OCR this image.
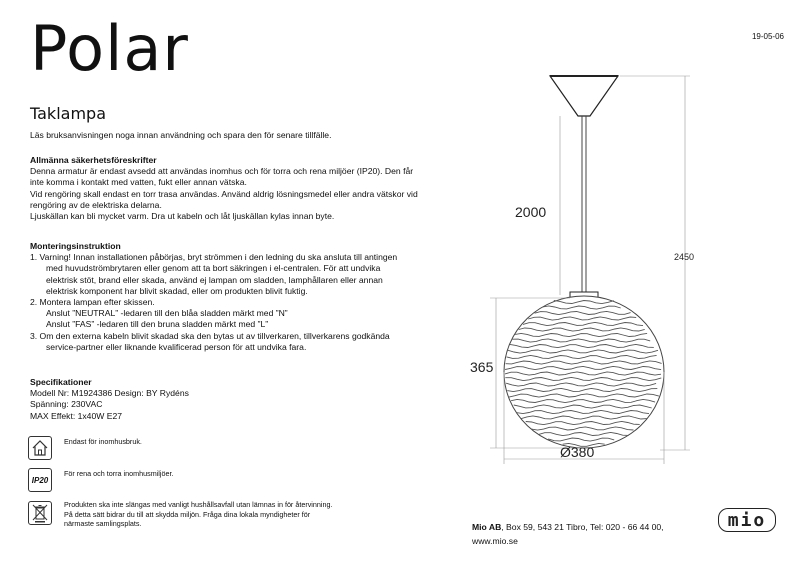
Polar
Taklampa
19-05-06
Läs bruksanvisningen noga innan användning och spara den för senare tillfälle.
Allmänna säkerhetsföreskrifter
Denna armatur är endast avsedd att användas inomhus och för torra och rena miljöer (IP20). Den får
inte komma i kontakt med vatten, fukt eller annan vätska.
Vid rengöring skall endast en torr trasa användas. Använd aldrig lösningsmedel eller andra vätskor vid
rengöring av de elektriska delarna.
Ljuskällan kan bli mycket varm. Dra ut kabeln och låt ljuskällan kylas innan byte.
Monteringsinstruktion
1. Varning! Innan installationen påbörjas, bryt strömmen i den ledning du ska ansluta till antingen
med huvudströmbrytaren eller genom att ta bort säkringen i el-centralen. För att undvika
elektrisk stöt, brand eller skada, använd ej lampan om sladden, lamphållaren eller annan
elektrisk komponent har blivit skadad, eller om produkten blivit fuktig.
2. Montera lampan efter skissen.
Anslut ”NEUTRAL” -ledaren till den blåa sladden märkt med ”N”
Anslut ”FAS” -ledaren till den bruna sladden märkt med ”L”
3. Om den externa kabeln blivit skadad ska den bytas ut av tillverkaren, tillverkarens godkända
service-partner eller liknande kvalificerad person för att undvika fara.
Specifikationer
Modell Nr: M1924386 Design: BY Rydéns
Spänning: 230VAC
MAX Effekt: 1x40W E27
Endast för inomhusbruk.
IP20
För rena och torra inomhusmiljöer.
Produkten ska inte slängas med vanligt hushållsavfall utan lämnas in för återvinning. På detta sätt bidrar du till att skydda miljön. Fråga dina lokala myndigheter för närmaste samlingsplats.
2000
2450
365
Ø380
Mio AB, Box 59, 543 21 Tibro, Tel: 020 - 66 44 00,
www.mio.se
mio
